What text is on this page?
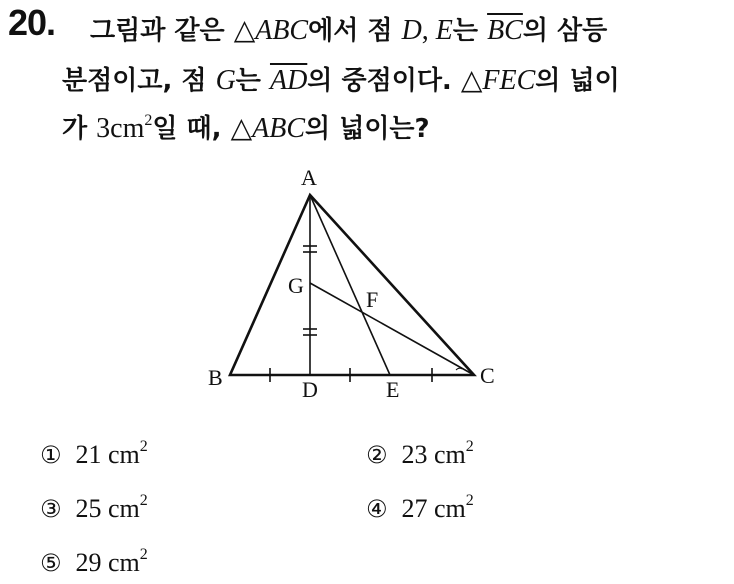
20. 그림과 같은 △ABC에서 점 D, E는 $\overline{BC}$의 삼등
분점이고, 점 G는 $\overline{AD}$의 중점이다. △FEC의 넓이
가 $3cm^2$일 때, △ABC의 넓이는?
A
B	C
D	E
F
G
① 21 $cm^2$	② 23 $cm^2$
③ 25 $cm^2$	④ 27 $cm^2$
⑤ 29 $cm^2$
